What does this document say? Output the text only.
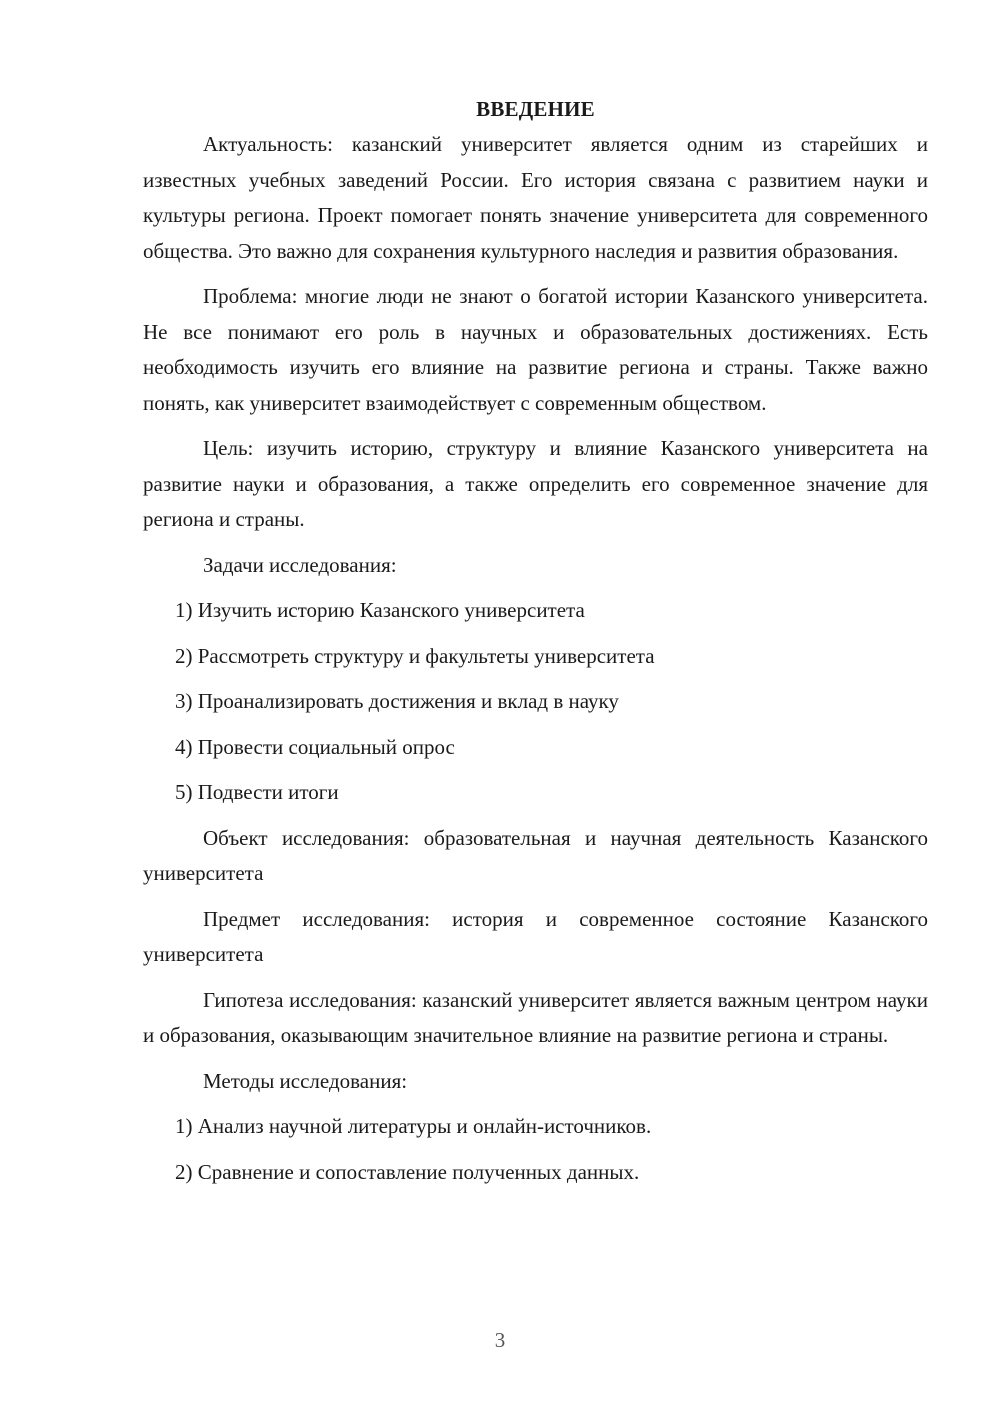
ВВЕДЕНИЕ

Актуальность: казанский университет является одним из старейших и известных учебных заведений России. Его история связана с развитием науки и культуры региона. Проект помогает понять значение университета для современного общества. Это важно для сохранения культурного наследия и развития образования.

Проблема: многие люди не знают о богатой истории Казанского университета. Не все понимают его роль в научных и образовательных достижениях. Есть необходимость изучить его влияние на развитие региона и страны. Также важно понять, как университет взаимодействует с современным обществом.

Цель: изучить историю, структуру и влияние Казанского университета на развитие науки и образования, а также определить его современное значение для региона и страны.

Задачи исследования:

1) Изучить историю Казанского университета
2) Рассмотреть структуру и факультеты университета
3) Проанализировать достижения и вклад в науку
4) Провести социальный опрос
5) Подвести итоги

Объект исследования: образовательная и научная деятельность Казанского университета

Предмет исследования: история и современное состояние Казанского университета

Гипотеза исследования: казанский университет является важным центром науки и образования, оказывающим значительное влияние на развитие региона и страны.

Методы исследования:

1) Анализ научной литературы и онлайн-источников.
2) Сравнение и сопоставление полученных данных.
3
